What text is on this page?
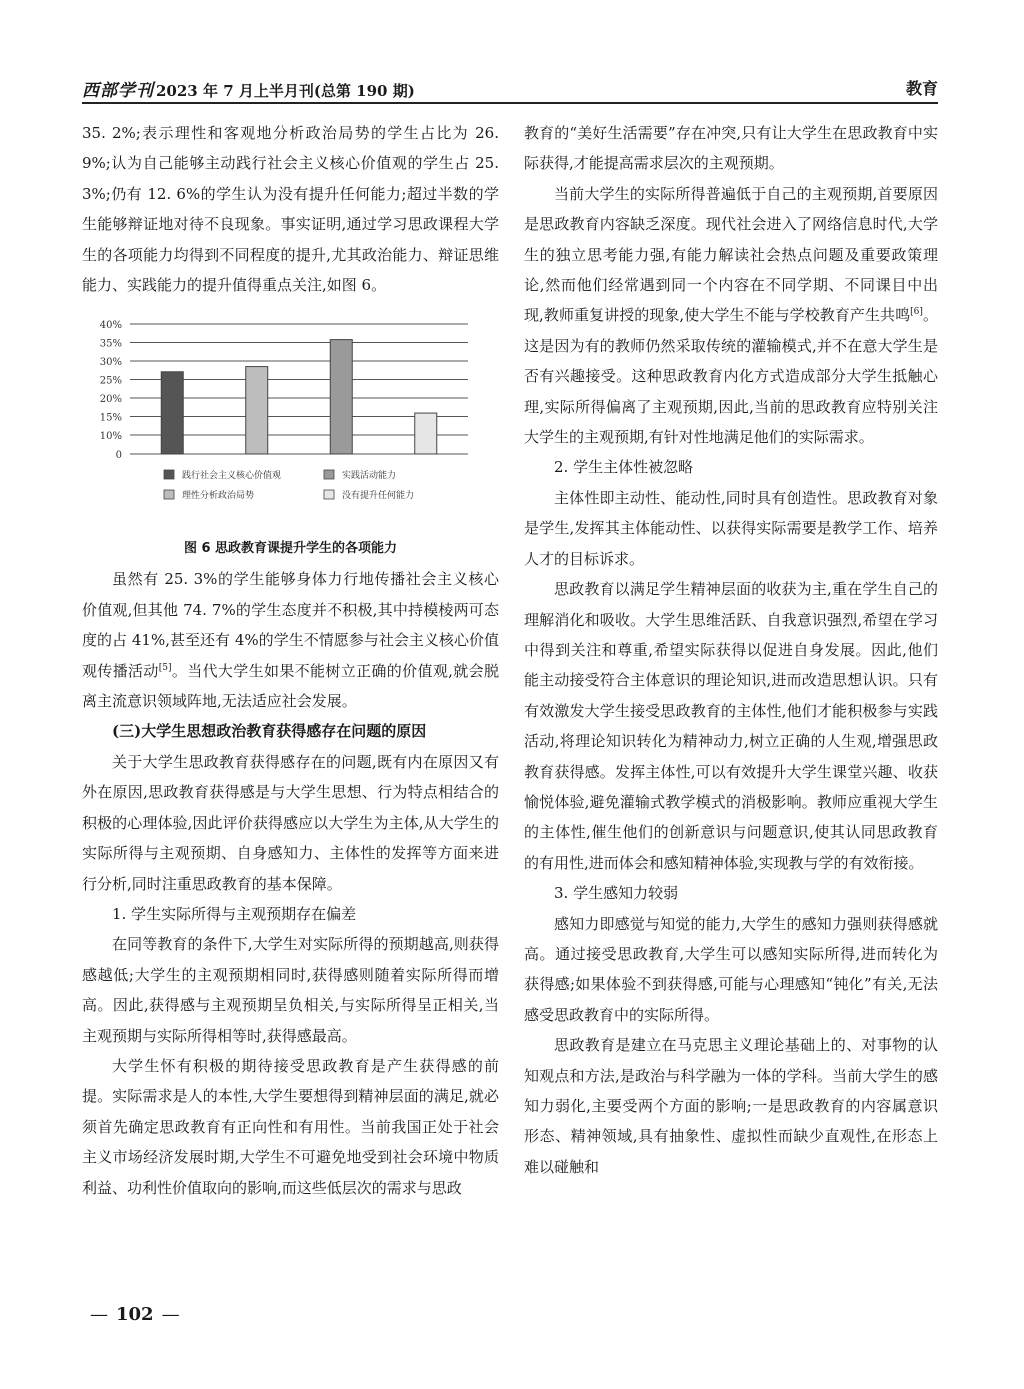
西部学刊 2023 年 7 月上半月刊(总第 190 期)	教育

35. 2%;表示理性和客观地分析政治局势的学生占比为 26. 9%;认为自己能够主动践行社会主义核心价值观的学生占 25. 3%;仍有 12. 6%的学生认为没有提升任何能力;超过半数的学生能够辩证地对待不良现象。事实证明,通过学习思政课程大学生的各项能力均得到不同程度的提升,尤其政治能力、辩证思维能力、实践能力的提升值得重点关注,如图 6。

40%
35%
30%
25%
20%
15%
10%
0
践行社会主义核心价值观	实践活动能力
理性分析政治局势	没有提升任何能力
图 6 思政教育课提升学生的各项能力

虽然有 25. 3%的学生能够身体力行地传播社会主义核心价值观,但其他 74. 7%的学生态度并不积极,其中持模棱两可态度的占 41%,甚至还有 4%的学生不情愿参与社会主义核心价值观传播活动[5]。当代大学生如果不能树立正确的价值观,就会脱离主流意识领域阵地,无法适应社会发展。

(三)大学生思想政治教育获得感存在问题的原因

关于大学生思政教育获得感存在的问题,既有内在原因又有外在原因,思政教育获得感是与大学生思想、行为特点相结合的积极的心理体验,因此评价获得感应以大学生为主体,从大学生的实际所得与主观预期、自身感知力、主体性的发挥等方面来进行分析,同时注重思政教育的基本保障。

1. 学生实际所得与主观预期存在偏差

在同等教育的条件下,大学生对实际所得的预期越高,则获得感越低;大学生的主观预期相同时,获得感则随着实际所得而增高。因此,获得感与主观预期呈负相关,与实际所得呈正相关,当主观预期与实际所得相等时,获得感最高。

大学生怀有积极的期待接受思政教育是产生获得感的前提。实际需求是人的本性,大学生要想得到精神层面的满足,就必须首先确定思政教育有正向性和有用性。当前我国正处于社会主义市场经济发展时期,大学生不可避免地受到社会环境中物质利益、功利性价值取向的影响,而这些低层次的需求与思政

教育的“美好生活需要”存在冲突,只有让大学生在思政教育中实际获得,才能提高需求层次的主观预期。

当前大学生的实际所得普遍低于自己的主观预期,首要原因是思政教育内容缺乏深度。现代社会进入了网络信息时代,大学生的独立思考能力强,有能力解读社会热点问题及重要政策理论,然而他们经常遇到同一个内容在不同学期、不同课目中出现,教师重复讲授的现象,使大学生不能与学校教育产生共鸣[6]。这是因为有的教师仍然采取传统的灌输模式,并不在意大学生是否有兴趣接受。这种思政教育内化方式造成部分大学生抵触心理,实际所得偏离了主观预期,因此,当前的思政教育应特别关注大学生的主观预期,有针对性地满足他们的实际需求。

2. 学生主体性被忽略

主体性即主动性、能动性,同时具有创造性。思政教育对象是学生,发挥其主体能动性、以获得实际需要是教学工作、培养人才的目标诉求。

思政教育以满足学生精神层面的收获为主,重在学生自己的理解消化和吸收。大学生思维活跃、自我意识强烈,希望在学习中得到关注和尊重,希望实际获得以促进自身发展。因此,他们能主动接受符合主体意识的理论知识,进而改造思想认识。只有有效激发大学生接受思政教育的主体性,他们才能积极参与实践活动,将理论知识转化为精神动力,树立正确的人生观,增强思政教育获得感。发挥主体性,可以有效提升大学生课堂兴趣、收获愉悦体验,避免灌输式教学模式的消极影响。教师应重视大学生的主体性,催生他们的创新意识与问题意识,使其认同思政教育的有用性,进而体会和感知精神体验,实现教与学的有效衔接。

3. 学生感知力较弱

感知力即感觉与知觉的能力,大学生的感知力强则获得感就高。通过接受思政教育,大学生可以感知实际所得,进而转化为获得感;如果体验不到获得感,可能与心理感知“钝化”有关,无法感受思政教育中的实际所得。

思政教育是建立在马克思主义理论基础上的、对事物的认知观点和方法,是政治与科学融为一体的学科。当前大学生的感知力弱化,主要受两个方面的影响;一是思政教育的内容属意识形态、精神领域,具有抽象性、虚拟性而缺少直观性,在形态上难以碰触和

— 102 —
